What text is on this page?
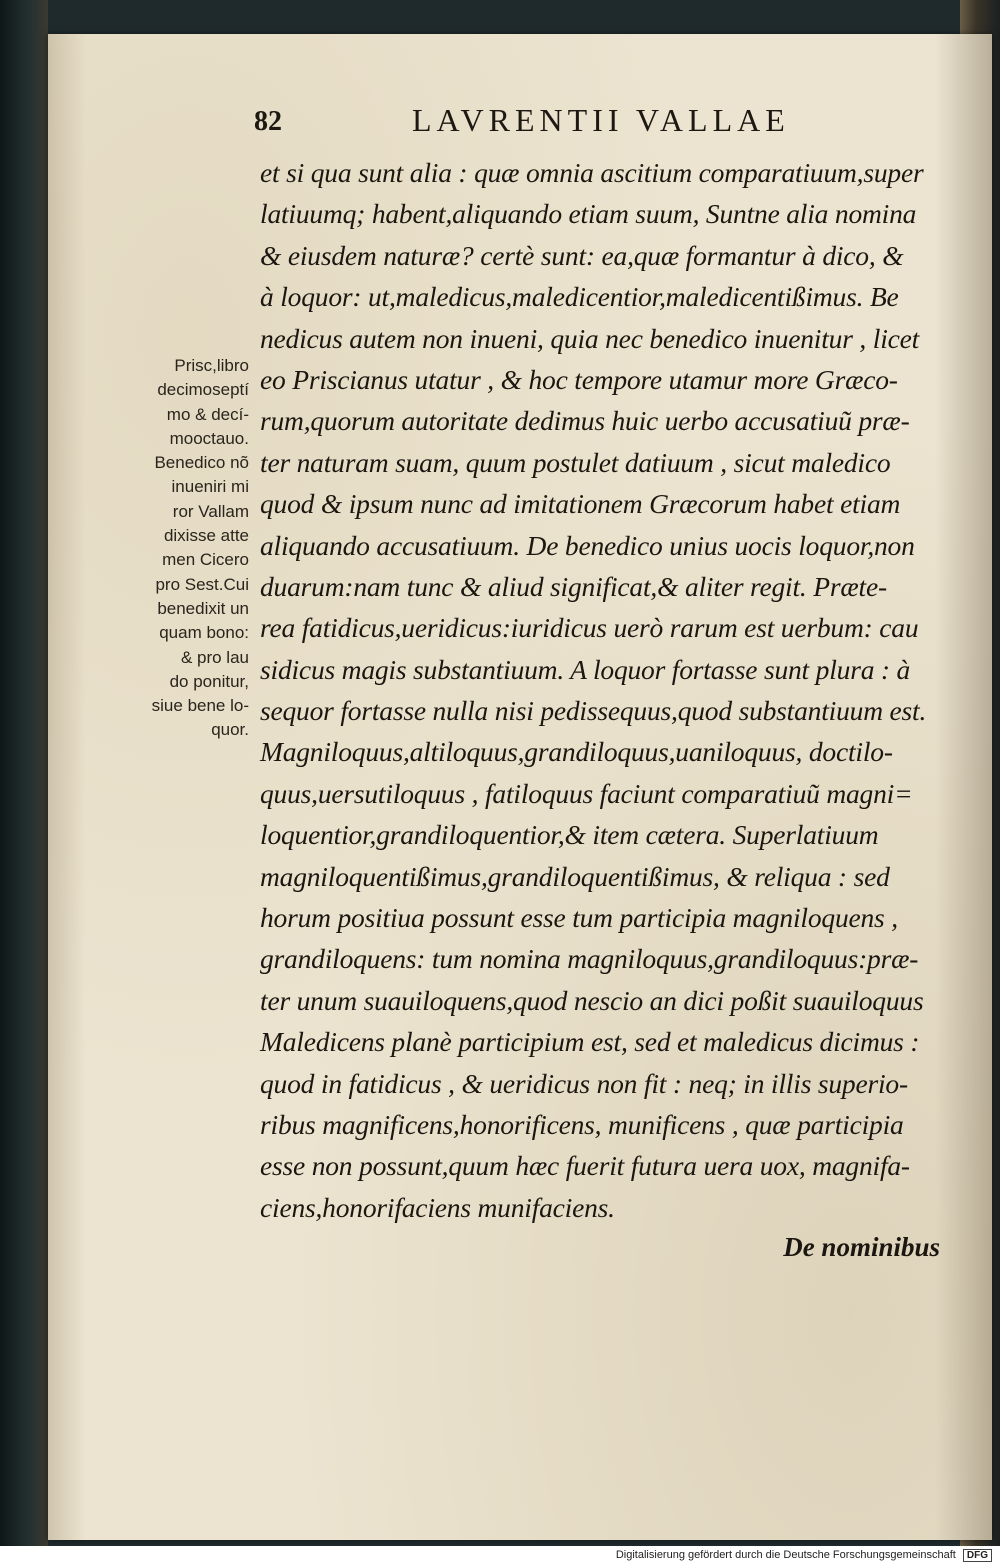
82	LAVRENTII VALLAE
Prisc,libro
decimoseptí
mo & decí-
mooctauo.
Benedico nõ
inueniri mi
ror Vallam
dixisse atte
men Cicero
pro Sest.Cui
benedixit un
quam bono:
& pro lau
do ponitur,
siue bene lo-
quor.
et si qua sunt alia : quæ omnia ascitium comparatiuum,super
latiuumq; habent,aliquando etiam suum, Suntne alia nomina
& eiusdem naturæ? certè sunt: ea,quæ formantur à dico, &
à loquor: ut,maledicus,maledicentior,maledicentißimus. Be
nedicus autem non inueni, quia nec benedico inuenitur , licet
eo Priscianus utatur , & hoc tempore utamur more Græco-
rum,quorum autoritate dedimus huic uerbo accusatiuũ præ-
ter naturam suam, quum postulet datiuum , sicut maledico
quod & ipsum nunc ad imitationem Græcorum habet etiam
aliquando accusatiuum. De benedico unius uocis loquor,non
duarum:nam tunc & aliud significat,& aliter regit. Præte-
rea fatidicus,ueridicus:iuridicus uerò rarum est uerbum: cau
sidicus magis substantiuum. A loquor fortasse sunt plura : à
sequor fortasse nulla nisi pedissequus,quod substantiuum est.
Magniloquus,altiloquus,grandiloquus,uaniloquus, doctilo-
quus,uersutiloquus , fatiloquus faciunt comparatiuũ magni=
loquentior,grandiloquentior,& item cætera. Superlatiuum
magniloquentißimus,grandiloquentißimus, & reliqua : sed
horum positiua possunt esse tum participia magniloquens ,
grandiloquens: tum nomina magniloquus,grandiloquus:præ-
ter unum suauiloquens,quod nescio an dici poßit suauiloquus
Maledicens planè participium est, sed et maledicus dicimus :
quod in fatidicus , & ueridicus non fit : neq; in illis superio-
ribus magnificens,honorificens, munificens , quæ participia
esse non possunt,quum hæc fuerit futura uera uox, magnifa-
ciens,honorifaciens munifaciens.
De nominibus
Digitalisierung gefördert durch die Deutsche Forschungsgemeinschaft DFG
